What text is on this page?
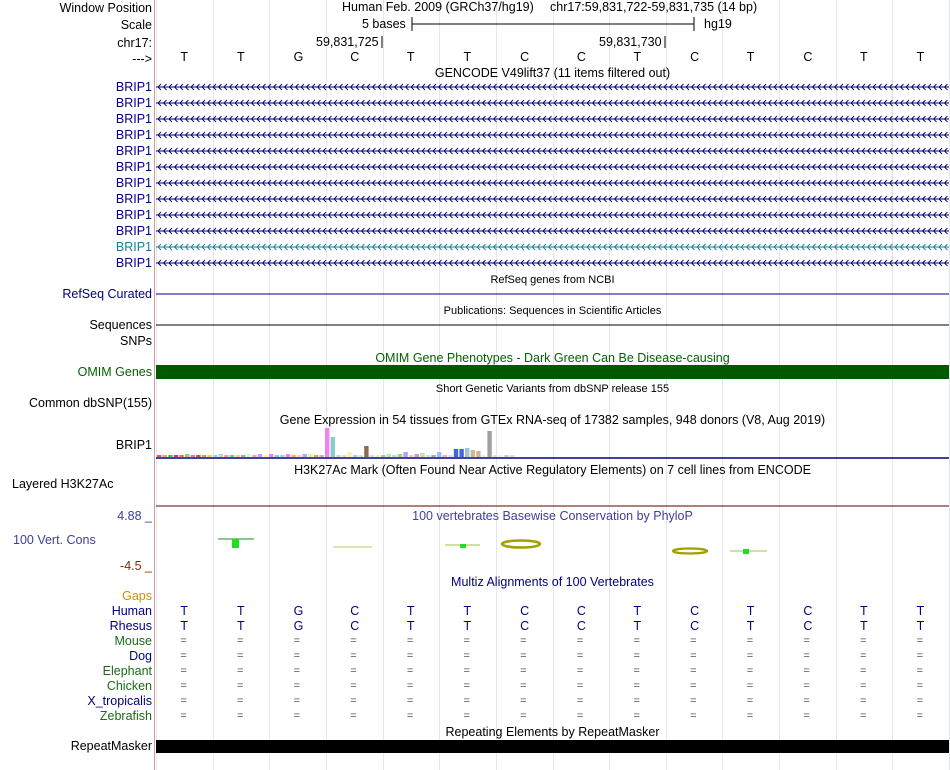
Window Position	Human Feb. 2009 (GRCh37/hg19) chr17:59,831,722-59,831,735 (14 bp)
Scale	5 bases	hg19
chr17:	59,831,725	59,831,730
---> T	T	G	C	T	T	C	C	T	C	T	C	T	T
GENCODE V49lift37 (11 items filtered out)
BRIP1
BRIP1
BRIP1
BRIP1
BRIP1
BRIP1
BRIP1
BRIP1
BRIP1
BRIP1
BRIP1
BRIP1
RefSeq genes from NCBI
RefSeq Curated
Publications: Sequences in Scientific Articles
Sequences
SNPs
OMIM Gene Phenotypes - Dark Green Can Be Disease-causing
OMIM Genes
Short Genetic Variants from dbSNP release 155
Common dbSNP(155)
Gene Expression in 54 tissues from GTEx RNA-seq of 17382 samples, 948 donors (V8, Aug 2019)
BRIP1
H3K27Ac Mark (Often Found Near Active Regulatory Elements) on 7 cell lines from ENCODE
Layered H3K27Ac
100 vertebrates Basewise Conservation by PhyloP
4.88 _
100 Vert. Cons
-4.5 _
Multiz Alignments of 100 Vertebrates
Gaps
Human T	T	G	C	T	T	C	C	T	C	T	C	T	T
Rhesus T	T	G	C	T	T	C	C	T	C	T	C	T	T
Mouse	=	=	=	=	=	=	=	=	=	=	=	=	=	=
Dog	=	=	=	=	=	=	=	=	=	=	=	=	=	=
Elephant	=	=	=	=	=	=	=	=	=	=	=	=	=	=
Chicken	=	=	=	=	=	=	=	=	=	=	=	=	=	=
X_tropicalis	=	=	=	=	=	=	=	=	=	=	=	=	=	=
Zebrafish	=	=	=	=	=	=	=	=	=	=	=	=	=	=
Repeating Elements by RepeatMasker
RepeatMasker
